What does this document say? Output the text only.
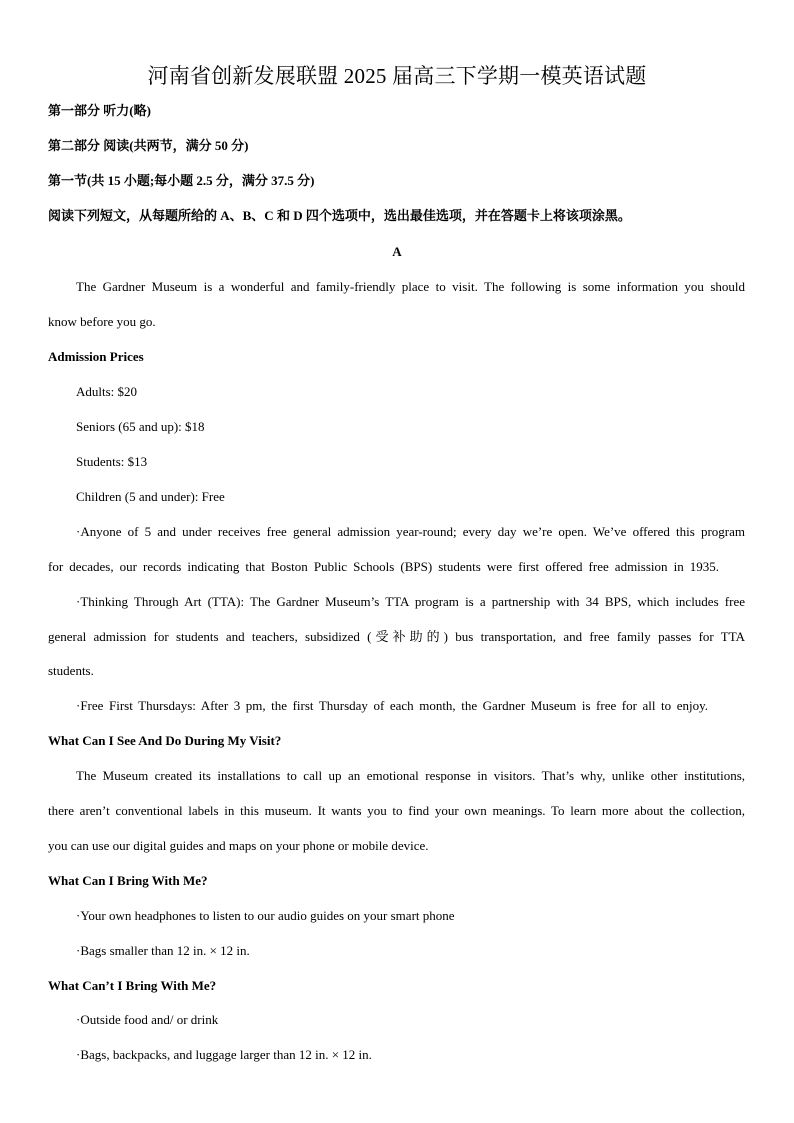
河南省创新发展联盟 2025 届高三下学期一模英语试题
第一部分 听力(略)
第二部分 阅读(共两节，满分 50 分)
第一节(共 15 小题;每小题 2.5 分，满分 37.5 分)
阅读下列短文，从每题所给的 A、B、C 和 D 四个选项中，选出最佳选项，并在答题卡上将该项涂黑。
A
The Gardner Museum is a wonderful and family-friendly place to visit. The following is some information you should
know before you go.
Admission Prices
Adults: $20
Seniors (65 and up): $18
Students: $13
Children (5 and under): Free
·Anyone of 5 and under receives free general admission year-round; every day we’re open. We’ve offered this program
for decades, our records indicating that Boston Public Schools (BPS) students were first offered free admission in 1935.
·Thinking Through Art (TTA): The Gardner Museum’s TTA program is a partnership with 34 BPS, which includes free
general admission for students and teachers, subsidized (受补助的) bus transportation, and free family passes for TTA
students.
·Free First Thursdays: After 3 pm, the first Thursday of each month, the Gardner Museum is free for all to enjoy.
What Can I See And Do During My Visit?
The Museum created its installations to call up an emotional response in visitors. That’s why, unlike other institutions,
there aren’t conventional labels in this museum. It wants you to find your own meanings. To learn more about the collection,
you can use our digital guides and maps on your phone or mobile device.
What Can I Bring With Me?
·Your own headphones to listen to our audio guides on your smart phone
·Bags smaller than 12 in. × 12 in.
What Can’t I Bring With Me?
·Outside food and/ or drink
·Bags, backpacks, and luggage larger than 12 in. × 12 in.
